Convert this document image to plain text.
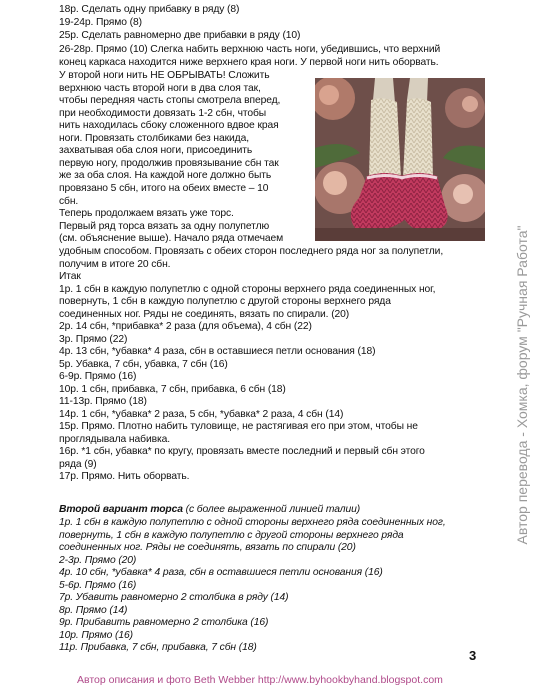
18р. Сделать одну прибавку в ряду (8)
19-24р. Прямо (8)
25р. Сделать равномерно две прибавки в ряду (10)
26-28р. Прямо (10) Слегка набить верхнюю часть ноги, убедившись, что верхний
конец каркаса находится ниже верхнего края ноги. У первой ноги нить оборвать.
У второй ноги нить НЕ ОБРЫВАТЬ! Сложить
верхнюю часть второй ноги в два слоя так,
чтобы передняя часть стопы смотрела вперед,
при необходимости довязать 1-2 сбн, чтобы
нить находилась сбоку сложенного вдвое края
ноги. Провязать столбиками без накида,
захватывая оба слоя ноги, присоединить
первую ногу, продолжив провязывание сбн так
же за оба слоя. На каждой ноге должно быть
провязано 5 сбн, итого на обеих вместе – 10
сбн.
Теперь продолжаем вязать уже торс.
Первый ряд торса вязать за одну полупетлю
(см. объяснение выше). Начало ряда отмечаем
удобным способом. Провязать с обеих сторон последнего ряда ног за полупетли,
получим в итоге 20 сбн.
Итак
1р. 1 сбн в каждую полупетлю с одной стороны верхнего ряда соединенных ног,
повернуть, 1 сбн в каждую полупетлю с другой стороны верхнего ряда
соединенных ног. Ряды не соединять, вязать по спирали. (20)
2р. 14 сбн, *прибавка* 2 раза (для объема), 4 сбн (22)
3р. Прямо (22)
4р. 13 сбн, *убавка* 4 раза, сбн в оставшиеся петли основания (18)
5р. Убавка, 7 сбн, убавка, 7 сбн (16)
6-9р. Прямо (16)
10р. 1 сбн, прибавка, 7 сбн, прибавка, 6 сбн (18)
11-13р. Прямо (18)
14р. 1 сбн, *убавка* 2 раза, 5 сбн, *убавка* 2 раза, 4 сбн (14)
15р. Прямо. Плотно набить туловище, не растягивая его при этом, чтобы не
проглядывала набивка.
16р. *1 сбн, убавка* по кругу, провязать вместе последний и первый сбн этого
ряда (9)
17р. Прямо. Нить оборвать.
Второй вариант торса (с более выраженной линией талии)
1р. 1 сбн в каждую полупетлю с одной стороны верхнего ряда соединенных ног,
повернуть, 1 сбн в каждую полупетлю с другой стороны верхнего ряда
соединенных ног. Ряды не соединять, вязать по спирали (20)
2-3р. Прямо (20)
4р. 10 сбн, *убавка* 4 раза, сбн в оставшиеся петли основания (16)
5-6р. Прямо (16)
7р. Убавить равномерно 2 столбика в ряду (14)
8р. Прямо (14)
9р. Прибавить равномерно 2 столбика (16)
10р. Прямо (16)
11р. Прибавка, 7 сбн, прибавка, 7 сбн (18)
Автор перевода - Хомка, форум "Ручная Работа"
3
Автор описания и фото Beth Webber http://www.byhookbyhand.blogspot.com
